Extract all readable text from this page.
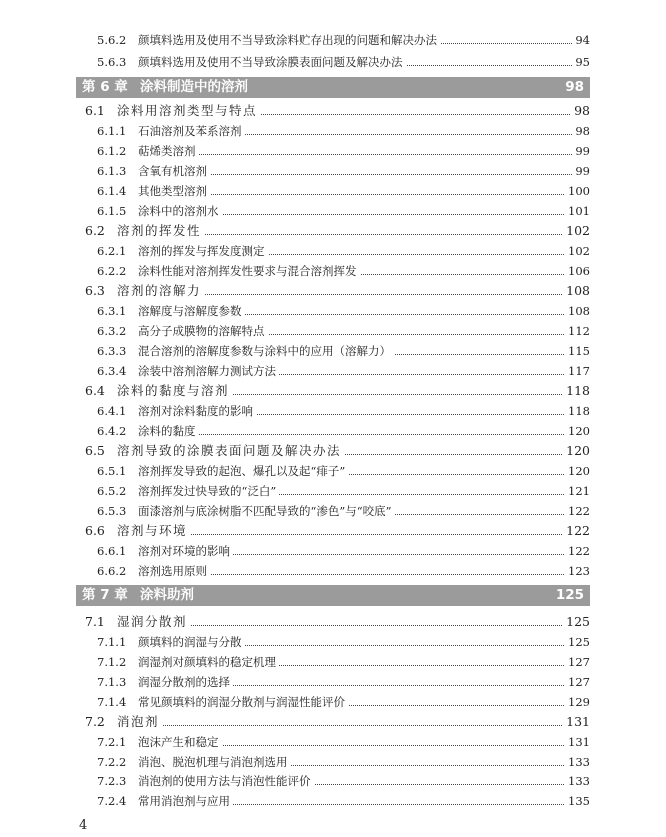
5.6.2 颜填料选用及使用不当导致涂料贮存出现的问题和解决办法	94
5.6.3 颜填料选用及使用不当导致涂膜表面问题及解决办法	95
第 6 章 涂料制造中的溶剂	98
6.1 涂料用溶剂类型与特点	98
6.1.1 石油溶剂及苯系溶剂	98
6.1.2 萜烯类溶剂	99
6.1.3 含氧有机溶剂	99
6.1.4 其他类型溶剂	100
6.1.5 涂料中的溶剂水	101
6.2 溶剂的挥发性	102
6.2.1 溶剂的挥发与挥发度测定	102
6.2.2 涂料性能对溶剂挥发性要求与混合溶剂挥发	106
6.3 溶剂的溶解力	108
6.3.1 溶解度与溶解度参数	108
6.3.2 高分子成膜物的溶解特点	112
6.3.3 混合溶剂的溶解度参数与涂料中的应用（溶解力）	115
6.3.4 涂装中溶剂溶解力测试方法	117
6.4 涂料的黏度与溶剂	118
6.4.1 溶剂对涂料黏度的影响	118
6.4.2 涂料的黏度	120
6.5 溶剂导致的涂膜表面问题及解决办法	120
6.5.1 溶剂挥发导致的起泡、爆孔以及起“痱子”	120
6.5.2 溶剂挥发过快导致的“泛白”	121
6.5.3 面漆溶剂与底涂树脂不匹配导致的“渗色”与“咬底”	122
6.6 溶剂与环境	122
6.6.1 溶剂对环境的影响	122
6.6.2 溶剂选用原则	123
第 7 章 涂料助剂	125
7.1 湿润分散剂	125
7.1.1 颜填料的润湿与分散	125
7.1.2 润湿剂对颜填料的稳定机理	127
7.1.3 润湿分散剂的选择	127
7.1.4 常见颜填料的润湿分散剂与润湿性能评价	129
7.2 消泡剂	131
7.2.1 泡沫产生和稳定	131
7.2.2 消泡、脱泡机理与消泡剂选用	133
7.2.3 消泡剂的使用方法与消泡性能评价	133
7.2.4 常用消泡剂与应用	135
4
